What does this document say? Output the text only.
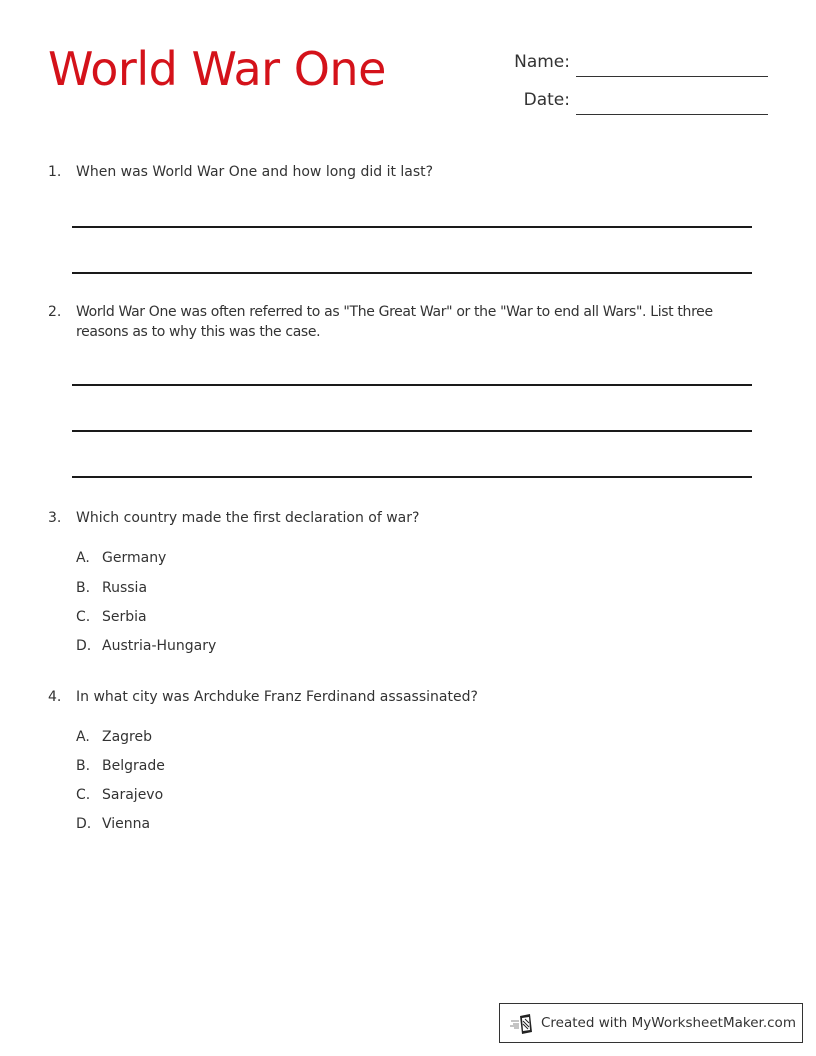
World War One	Name:
Date:
1.	When was World War One and how long did it last?
2.	World War One was often referred to as "The Great War" or the "War to end all Wars". List three
reasons as to why this was the case.
3.	Which country made the first declaration of war?
A. Germany
B. Russia
C. Serbia
D. Austria-Hungary
4.	In what city was Archduke Franz Ferdinand assassinated?
A. Zagreb
B. Belgrade
C. Sarajevo
D. Vienna
Created with MyWorksheetMaker.com
